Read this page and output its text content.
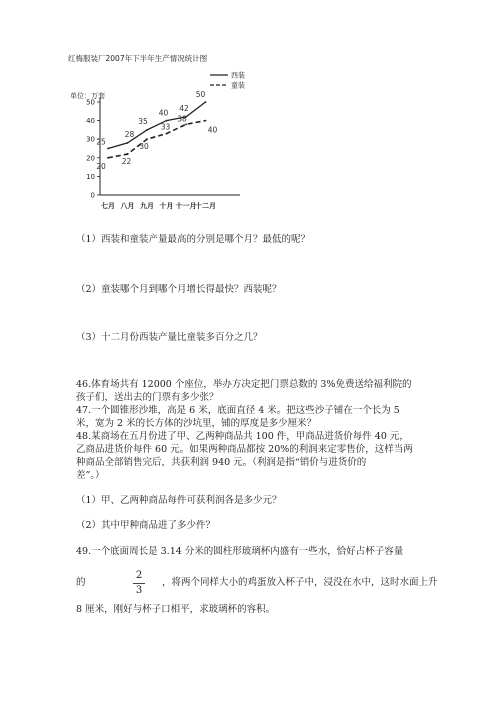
红梅服装厂2007年下半年生产情况统计图
单位：万套
西装
童装
0
10
20
30
40
50
七月 八月 九月 十月 十一月
十二月
25
28
35
40
42
50
20
22
30
33
38
40
（1）西装和童装产量最高的分别是哪个月？最低的呢？
（2）童装哪个月到哪个月增长得最快？西装呢？
（3）十二月份西装产量比童装多百分之几？
46.体育场共有 12000 个座位，举办方决定把门票总数的 3%免费送给福利院的
孩子们，送出去的门票有多少张？
47.一个圆锥形沙堆，高是 6 米，底面直径 4 米。把这些沙子铺在一个长为 5
米，宽为 2 米的长方体的沙坑里，铺的厚度是多少厘米？
48.某商场在五月份进了甲、乙两种商品共 100 件，甲商品进货价每件 40 元，
乙商品进货价每件 60 元。如果两种商品都按 20%的利润来定零售价，这样当两
种商品全部销售完后，共获利润 940 元。（利润是指“销价与进货价的
差”。）
（1）甲、乙两种商品每件可获利润各是多少元？
（2）其中甲种商品进了多少件？
49.一个底面周长是 3.14 分米的圆柱形玻璃杯内盛有一些水，恰好占杯子容量
的
2
3
，将两个同样大小的鸡蛋放入杯子中，浸没在水中，这时水面上升
8 厘米，刚好与杯子口相平，求玻璃杯的容积。
